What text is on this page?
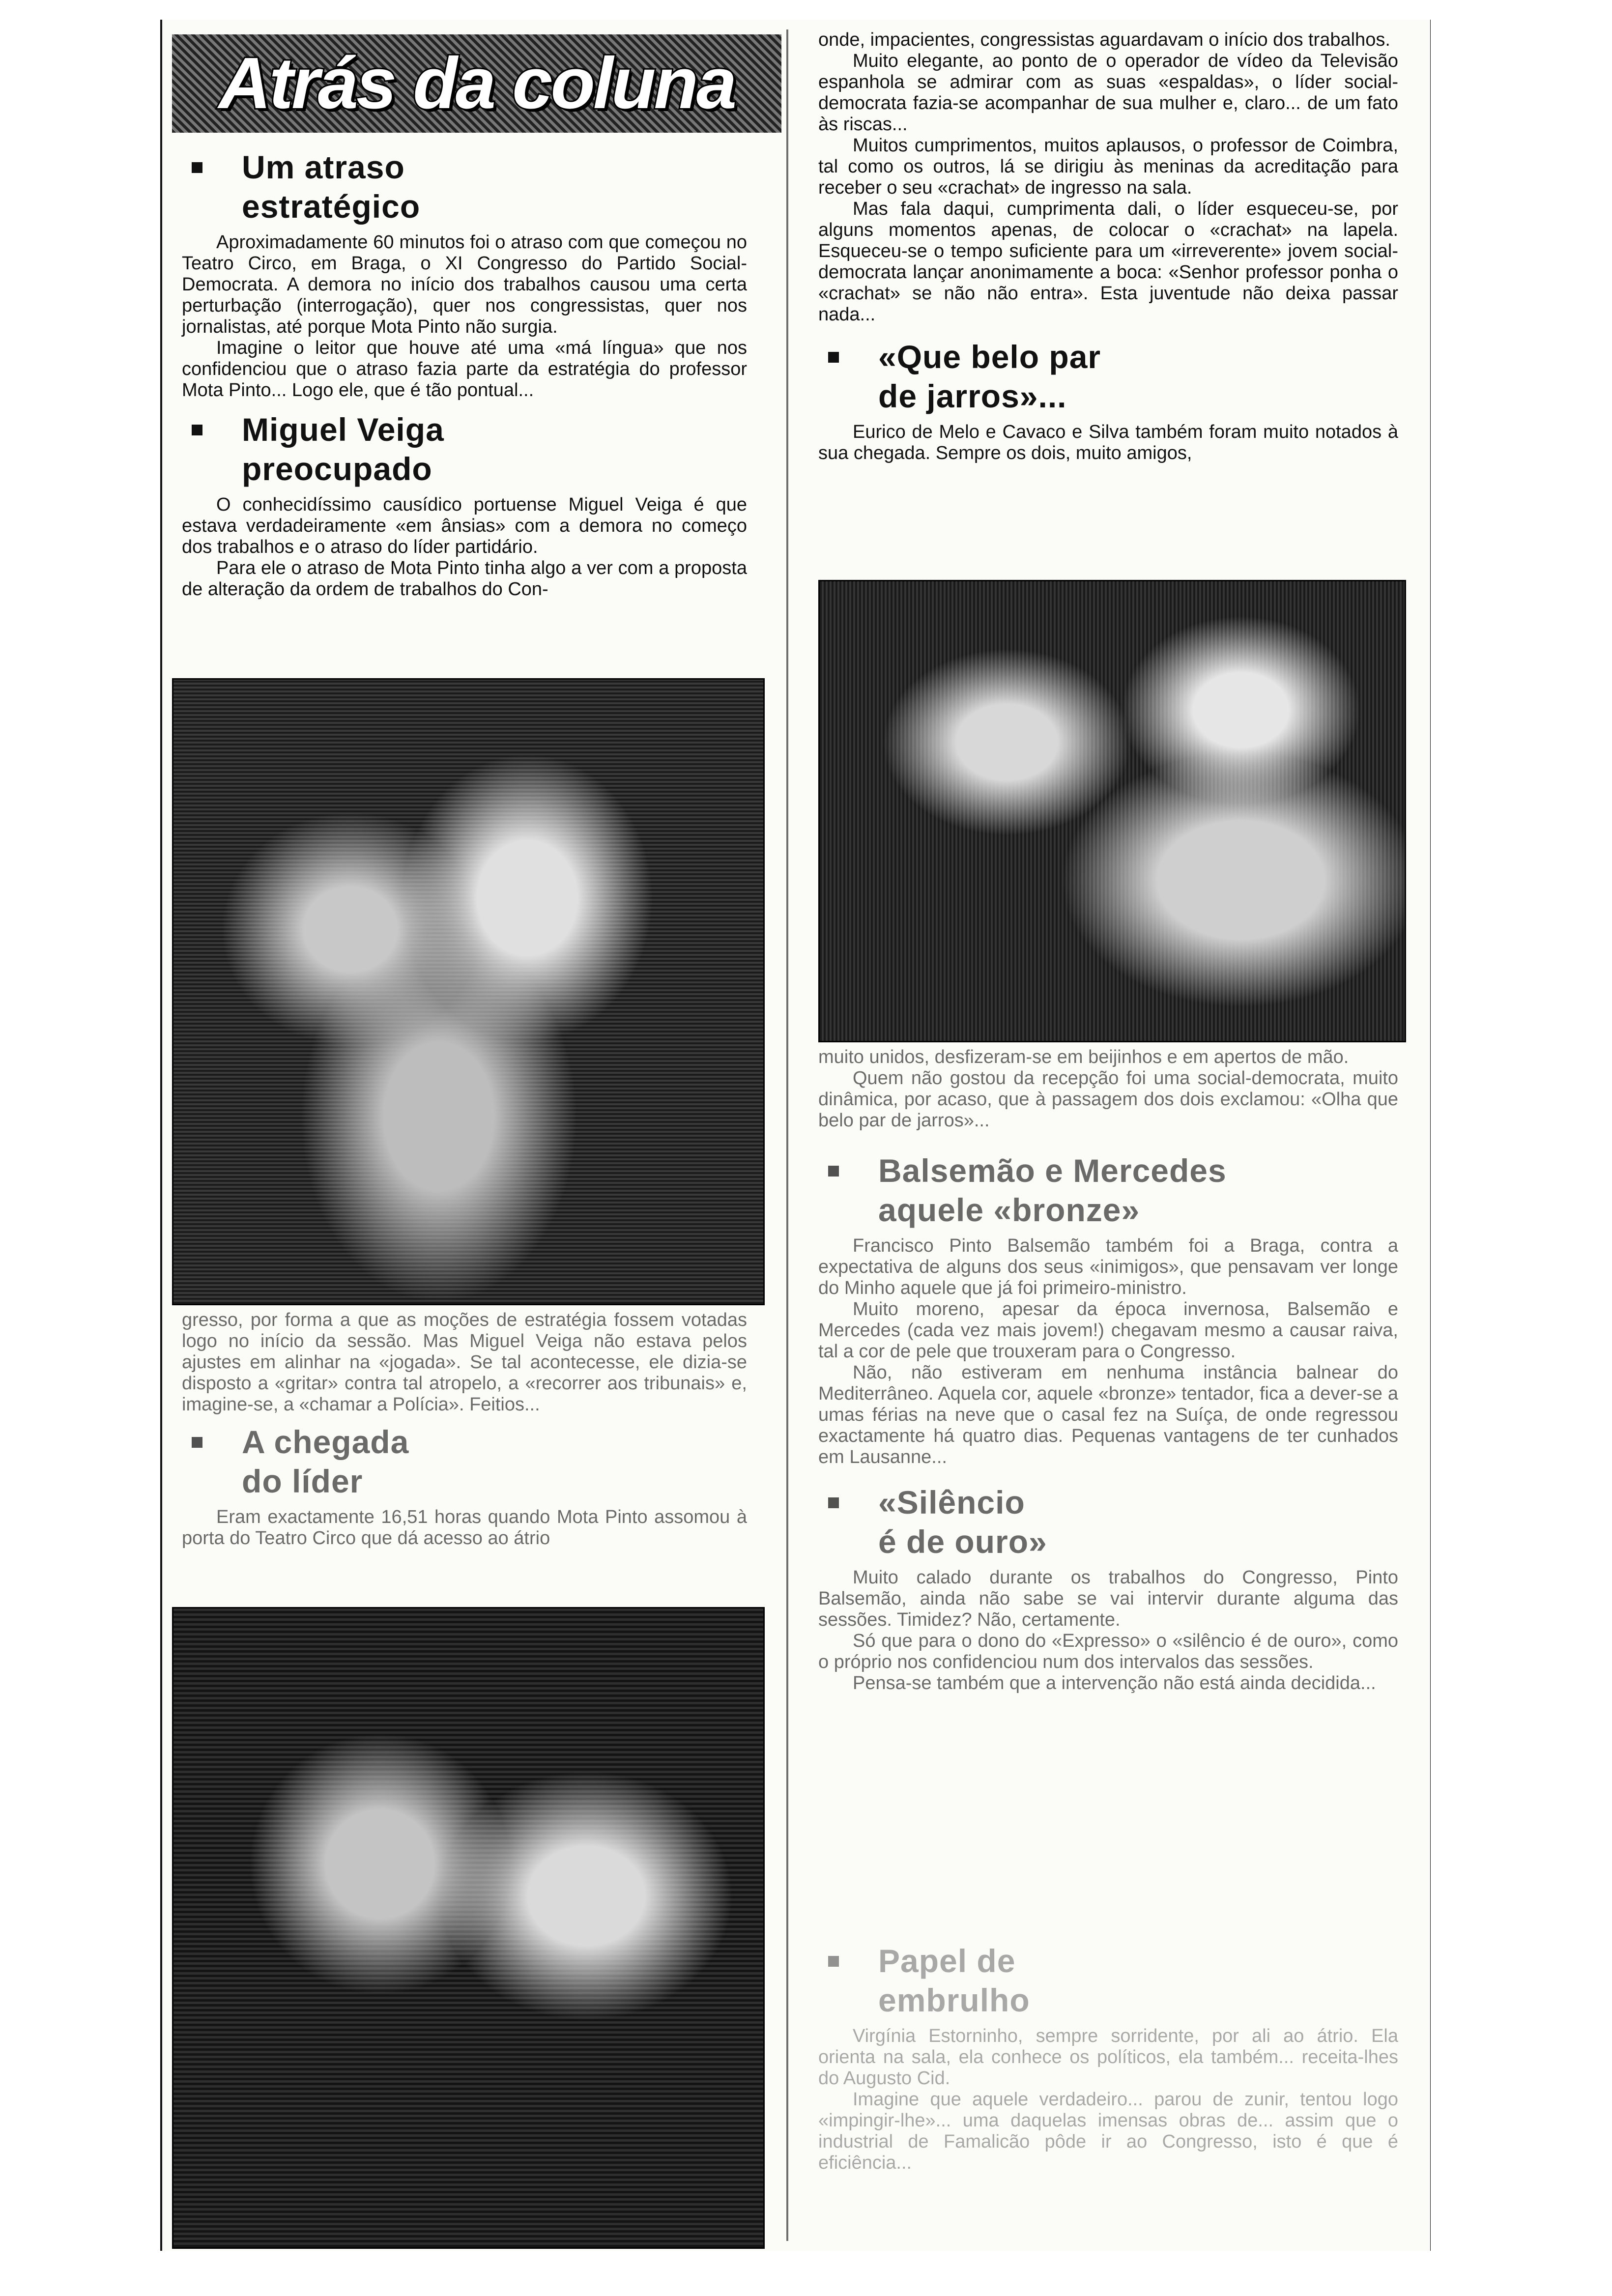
Atrás da coluna
Um atraso
estratégico

Aproximadamente 60 minutos foi o atraso com que começou no Teatro Circo, em Braga, o XI Congresso do Partido Social-Democrata. A demora no início dos trabalhos causou uma certa perturbação (interrogação), quer nos congressistas, quer nos jornalistas, até porque Mota Pinto não surgia.

Imagine o leitor que houve até uma «má língua» que nos confidenciou que o atraso fazia parte da estratégia do professor Mota Pinto... Logo ele, que é tão pontual...

Miguel Veiga
preocupado

O conhecidíssimo causídico portuense Miguel Veiga é que estava verdadeiramente «em ânsias» com a demora no começo dos trabalhos e o atraso do líder partidário.

Para ele o atraso de Mota Pinto tinha algo a ver com a proposta de alteração da ordem de trabalhos do Con-

gresso, por forma a que as moções de estratégia fossem votadas logo no início da sessão. Mas Miguel Veiga não estava pelos ajustes em alinhar na «jogada». Se tal acontecesse, ele dizia-se disposto a «gritar» contra tal atropelo, a «recorrer aos tribunais» e, imagine-se, a «chamar a Polícia». Feitios...

A chegada
do líder

Eram exactamente 16,51 horas quando Mota Pinto assomou à porta do Teatro Circo que dá acesso ao átrio

onde, impacientes, congressistas aguardavam o início dos trabalhos.

Muito elegante, ao ponto de o operador de vídeo da Televisão espanhola se admirar com as suas «espaldas», o líder social-democrata fazia-se acompanhar de sua mulher e, claro... de um fato às riscas...

Muitos cumprimentos, muitos aplausos, o professor de Coimbra, tal como os outros, lá se dirigiu às meninas da acreditação para receber o seu «crachat» de ingresso na sala.

Mas fala daqui, cumprimenta dali, o líder esqueceu-se, por alguns momentos apenas, de colocar o «crachat» na lapela. Esqueceu-se o tempo suficiente para um «irreverente» jovem social-democrata lançar anonimamente a boca: «Senhor professor ponha o «crachat» se não não entra». Esta juventude não deixa passar nada...

«Que belo par
de jarros»...

Eurico de Melo e Cavaco e Silva também foram muito notados à sua chegada. Sempre os dois, muito amigos,

muito unidos, desfizeram-se em beijinhos e em apertos de mão.

Quem não gostou da recepção foi uma social-democrata, muito dinâmica, por acaso, que à passagem dos dois exclamou: «Olha que belo par de jarros»...

Balsemão e Mercedes
aquele «bronze»

Francisco Pinto Balsemão também foi a Braga, contra a expectativa de alguns dos seus «inimigos», que pensavam ver longe do Minho aquele que já foi primeiro-ministro.

Muito moreno, apesar da época invernosa, Balsemão e Mercedes (cada vez mais jovem!) chegavam mesmo a causar raiva, tal a cor de pele que trouxeram para o Congresso.

Não, não estiveram em nenhuma instância balnear do Mediterrâneo. Aquela cor, aquele «bronze» tentador, fica a dever-se a umas férias na neve que o casal fez na Suíça, de onde regressou exactamente há quatro dias. Pequenas vantagens de ter cunhados em Lausanne...

«Silêncio
é de ouro»

Muito calado durante os trabalhos do Congresso, Pinto Balsemão, ainda não sabe se vai intervir durante alguma das sessões. Timidez? Não, certamente.

Só que para o dono do «Expresso» o «silêncio é de ouro», como o próprio nos confidenciou num dos intervalos das sessões.

Pensa-se também que a intervenção não está ainda decidida...

Papel de
embrulho

Virgínia Estorninho, sempre sorridente, por ali ao átrio. Ela orienta na sala, ela conhece os políticos, ela também... receita-lhes do Augusto Cid.

Imagine que aquele verdadeiro... parou de zunir, tentou logo «impingir-lhe»... uma daquelas imensas obras de... assim que o industrial de Famalicão pôde ir ao Congresso, isto é que é eficiência...
